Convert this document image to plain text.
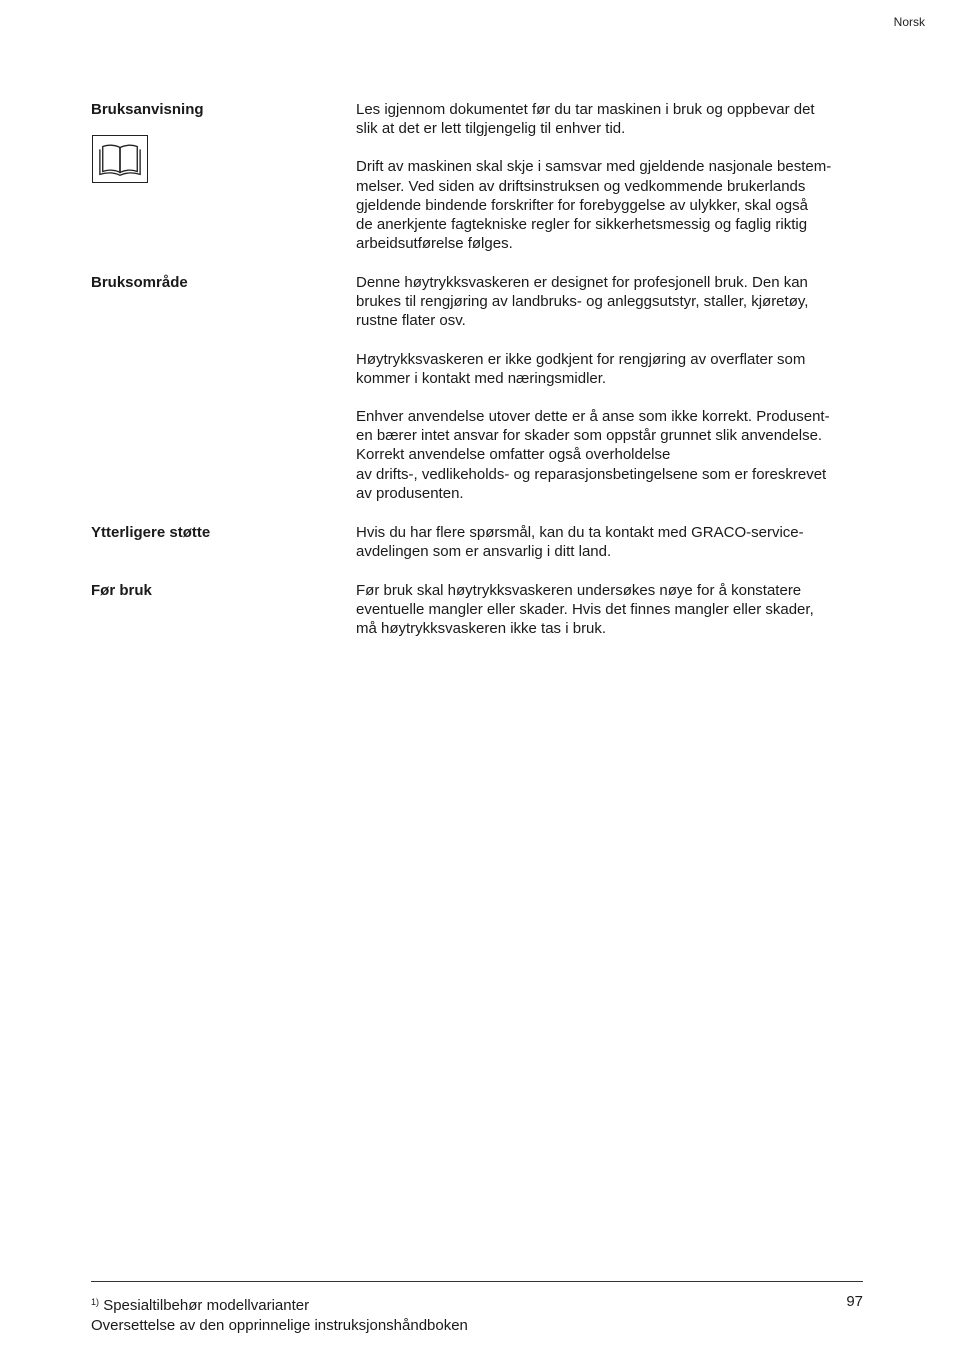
Norsk
Bruksanvisning	Les igjennom dokumentet før du tar maskinen i bruk og oppbevar det
slik at det er lett tilgjengelig til enhver tid.

Drift av maskinen skal skje i samsvar med gjeldende nasjonale bestem-
melser. Ved siden av driftsinstruksen og vedkommende brukerlands
gjeldende bindende forskrifter for forebyggelse av ulykker, skal også
de anerkjente fagtekniske regler for sikkerhetsmessig og faglig riktig
arbeidsutførelse følges.

Bruksområde	Denne høytrykksvaskeren er designet for profesjonell bruk. Den kan
brukes til rengjøring av landbruks- og anleggsutstyr, staller, kjøretøy,
rustne flater osv.

Høytrykksvaskeren er ikke godkjent for rengjøring av overflater som
kommer i kontakt med næringsmidler.

Enhver anvendelse utover dette er å anse som ikke korrekt. Produsent-
en bærer intet ansvar for skader som oppstår grunnet slik anvendelse.
Korrekt anvendelse omfatter også overholdelse
av drifts-, vedlikeholds- og reparasjonsbetingelsene som er foreskrevet
av produsenten.

Ytterligere støtte	Hvis du har flere spørsmål, kan du ta kontakt med GRACO-service-
avdelingen som er ansvarlig i ditt land.

Før bruk	Før bruk skal høytrykksvaskeren undersøkes nøye for å konstatere
eventuelle mangler eller skader. Hvis det finnes mangler eller skader,
må høytrykksvaskeren ikke tas i bruk.

$^{1)}$ Spesialtilbehør modellvarianter
Oversettelse av den opprinnelige instruksjonshåndboken
97
